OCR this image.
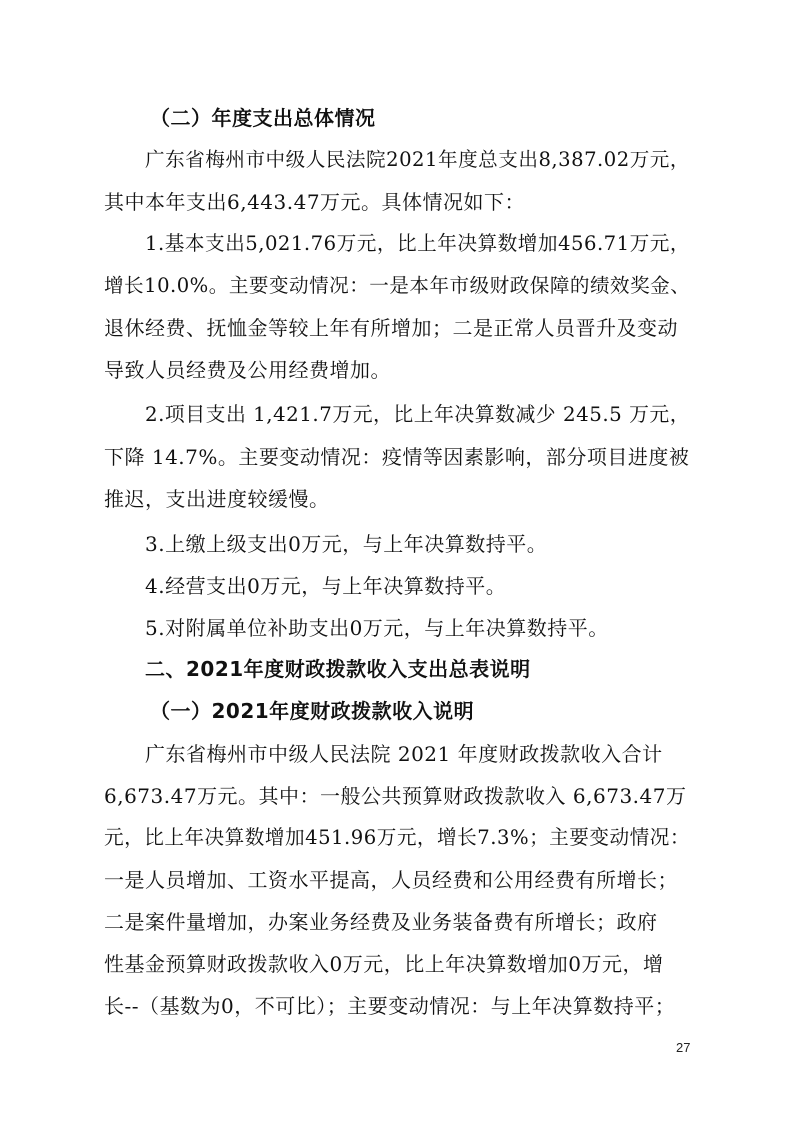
（二）年度支出总体情况
广东省梅州市中级人民法院2021年度总支出8,387.02万元，
其中本年支出6,443.47万元。具体情况如下：
1.基本支出5,021.76万元，比上年决算数增加456.71万元，
增长10.0%。主要变动情况：一是本年市级财政保障的绩效奖金、
退休经费、抚恤金等较上年有所增加；二是正常人员晋升及变动
导致人员经费及公用经费增加。
2.项目支出 1,421.7万元，比上年决算数减少 245.5 万元，
下降 14.7%。主要变动情况：疫情等因素影响，部分项目进度被
推迟，支出进度较缓慢。
3.上缴上级支出0万元，与上年决算数持平。
4.经营支出0万元，与上年决算数持平。
5.对附属单位补助支出0万元，与上年决算数持平。
二、2021年度财政拨款收入支出总表说明
（一）2021年度财政拨款收入说明
广东省梅州市中级人民法院 2021 年度财政拨款收入合计
6,673.47万元。其中：一般公共预算财政拨款收入 6,673.47万
元，比上年决算数增加451.96万元，增长7.3%；主要变动情况：
一是人员增加、工资水平提高，人员经费和公用经费有所增长；
二是案件量增加，办案业务经费及业务装备费有所增长；政府
性基金预算财政拨款收入0万元，比上年决算数增加0万元，增
长--（基数为0，不可比）；主要变动情况：与上年决算数持平；
27
